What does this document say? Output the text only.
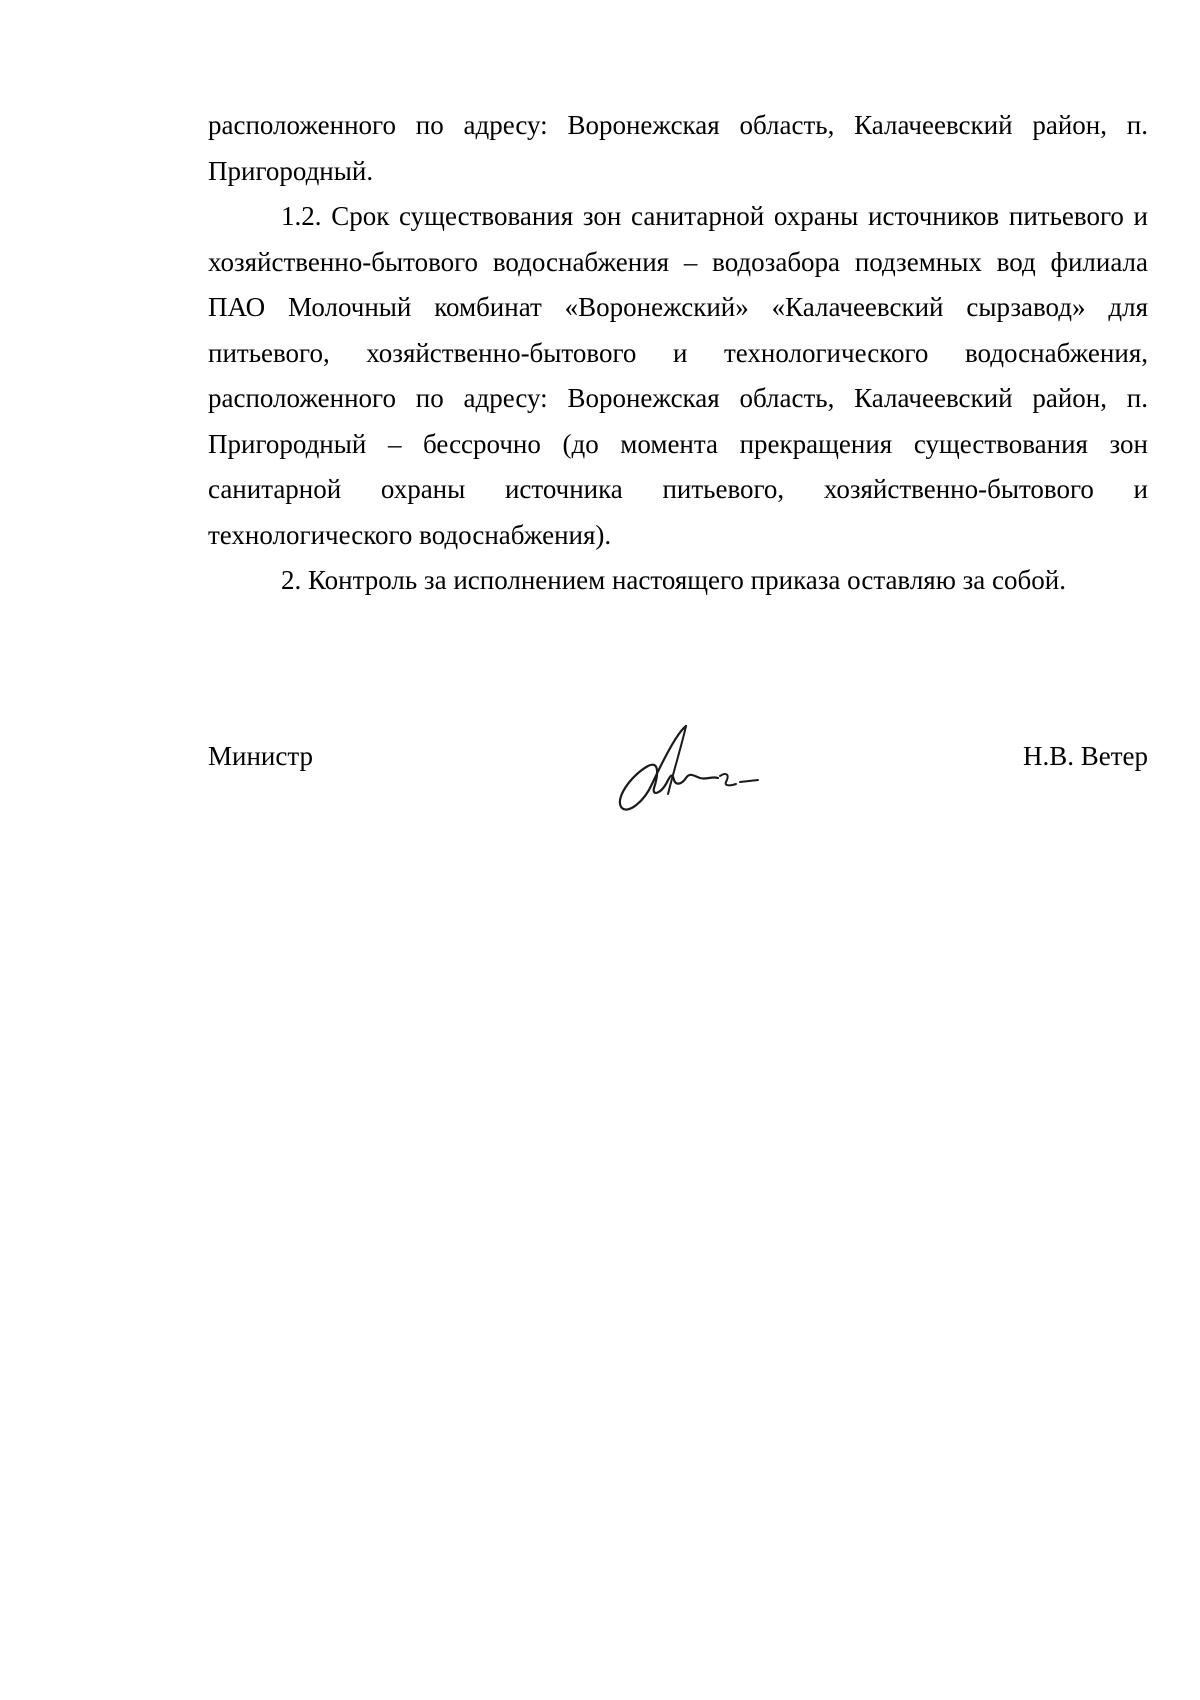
расположенного по адресу: Воронежская область, Калачеевский район, п.

Пригородный.

1.2. Срок существования зон санитарной охраны источников питьевого и хозяйственно-бытового водоснабжения – водозабора подземных вод филиала ПАО Молочный комбинат «Воронежский» «Калачеевский сырзавод» для питьевого, хозяйственно-бытового и технологического водоснабжения, расположенного по адресу: Воронежская область, Калачеевский район, п. Пригородный – бессрочно (до момента прекращения существования зон санитарной охраны источника питьевого, хозяйственно-бытового и технологического водоснабжения).

2. Контроль за исполнением настоящего приказа оставляю за собой.

Министр	Н.В. Ветер
